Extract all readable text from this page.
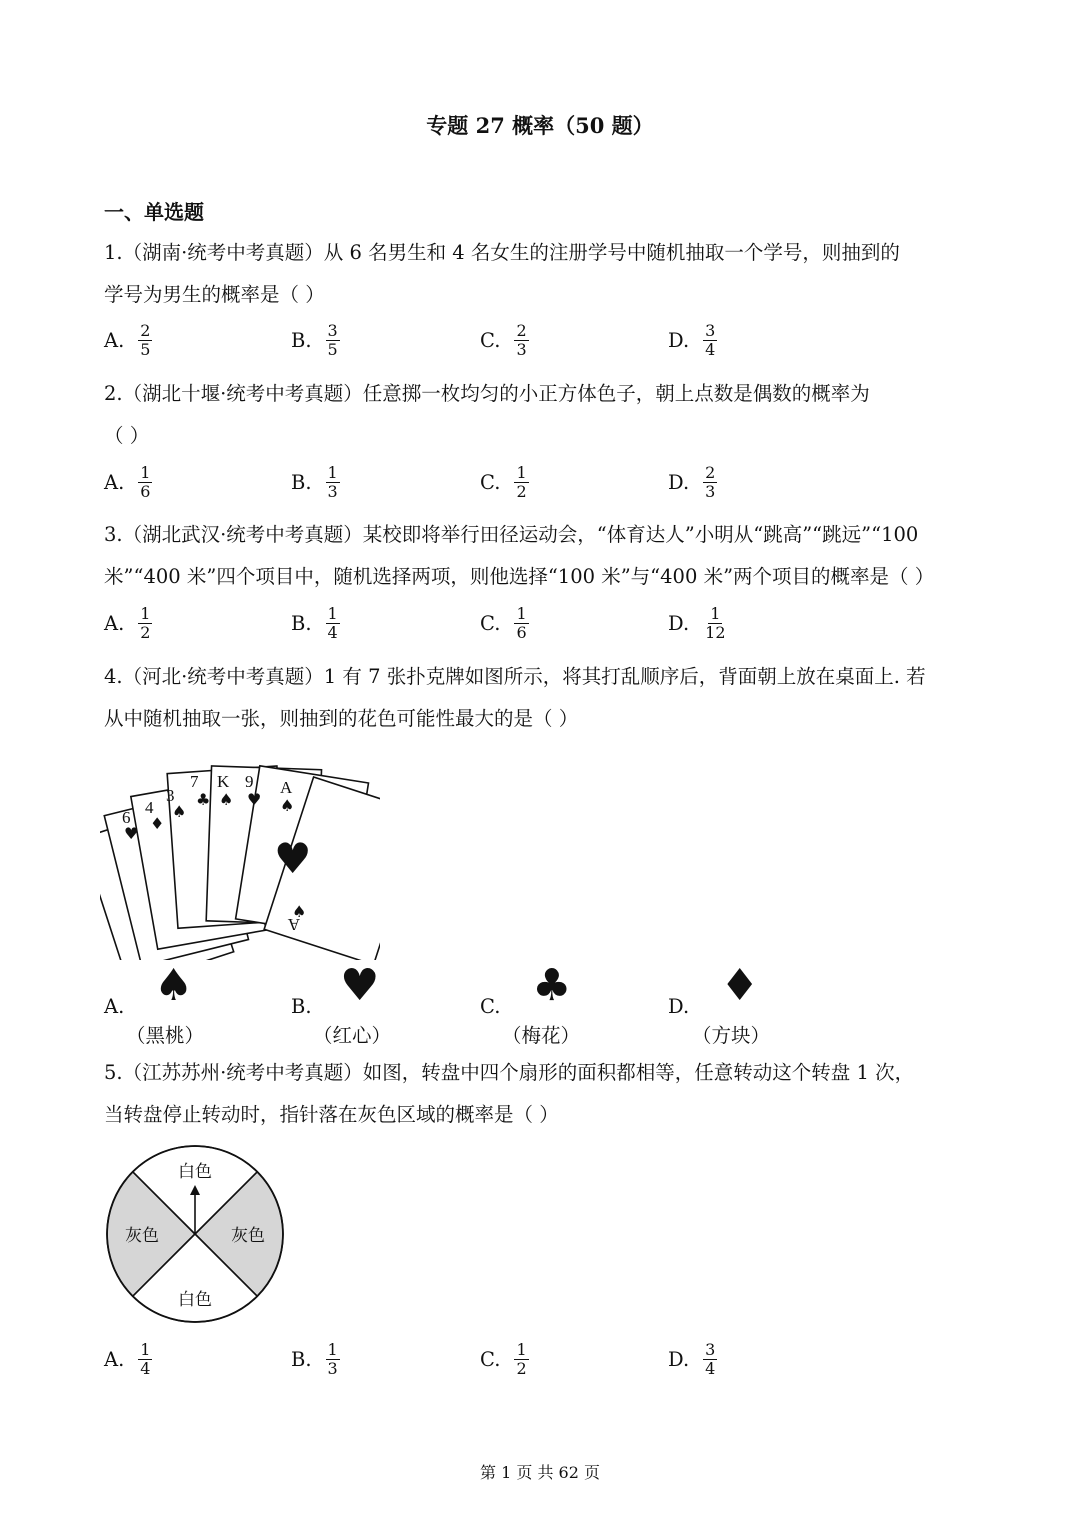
专题 27 概率（50 题）
一、单选题
1.（湖南·统考中考真题）从 6 名男生和 4 名女生的注册学号中随机抽取一个学号，则抽到的
学号为男生的概率是（ ）
A. $\frac{2}{5}$	B. $\frac{3}{5}$	C. $\frac{2}{3}$	D. $\frac{3}{4}$
2.（湖北十堰·统考中考真题）任意掷一枚均匀的小正方体色子，朝上点数是偶数的概率为
（ ）
A. $\frac{1}{6}$	B. $\frac{1}{3}$	C. $\frac{1}{2}$	D. $\frac{2}{3}$
3.（湖北武汉·统考中考真题）某校即将举行田径运动会，“体育达人”小明从“跳高”“跳远”“100
米”“400 米”四个项目中，随机选择两项，则他选择“100 米”与“400 米”两个项目的概率是（ ）
A. $\frac{1}{2}$	B. $\frac{1}{4}$	C. $\frac{1}{6}$	D. $\frac{1}{12}$
4.（河北·统考中考真题）1 有 7 张扑克牌如图所示，将其打乱顺序后，背面朝上放在桌面上. 若
从中随机抽取一张，则抽到的花色可能性最大的是（ ）
6
4
3
7 K 9 A
♥
♦
♠
♣ ♠ ♥ ♠
♥
♠
A
A. ♠
（黑桃）
B. ♥
（红心）
C. ♣
（梅花）
D. ♦
（方块）
5.（江苏苏州·统考中考真题）如图，转盘中四个扇形的面积都相等，任意转动这个转盘 1 次，
当转盘停止转动时，指针落在灰色区域的概率是（ ）
白色
灰色	灰色
白色
A. $\frac{1}{4}$	B. $\frac{1}{3}$	C. $\frac{1}{2}$	D. $\frac{3}{4}$
第 1 页 共 62 页
